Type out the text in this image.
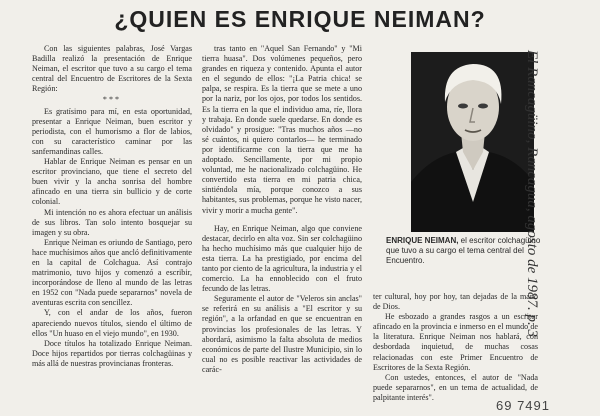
¿QUIEN ES ENRIQUE NEIMAN?

Con las siguientes palabras, José Vargas Badilla realizó la presentación de Enrique Neiman, el escritor que tuvo a su cargo el tema central del Encuentro de Escritores de la Sexta Región:

***

Es gratísimo para mí, en esta oportunidad, presentar a Enrique Neiman, buen escritor y periodista, con el humorismo a flor de labios, con su característico caminar por las sanfernandinas calles.

Hablar de Enrique Neiman es pensar en un escritor provinciano, que tiene el secreto del buen vivir y la ancha sonrisa del hombre afincado en una tierra sin bullicio y de corte colonial.

Mi intención no es ahora efectuar un análisis de sus libros. Tan solo intento bosquejar su imagen y su obra.

Enrique Neiman es oriundo de Santiago, pero hace muchísimos años que ancló definitivamente en la capital de Colchagua. Así contrajo matrimonio, tuvo hijos y comenzó a escribir, incorporándose de lleno al mundo de las letras en 1952 con "Nada puede separarnos" novela de aventuras escrita con sencillez.

Y, con el andar de los años, fueron apareciendo nuevos títulos, siendo el último de ellos "Un huaso en el viejo mundo", en 1930.

Doce títulos ha totalizado Enrique Neiman. Doce hijos repartidos por tierras colchagüinas y más allá de nuestras provincianas fronteras.

tras tanto en "Aquel San Fernando" y "Mi tierra huasa". Dos volúmenes pequeños, pero grandes en riqueza y contenido. Apunta el autor en el segundo de ellos: "¡La Patria chica! se palpa, se respira. Es la tierra que se mete a uno por la nariz, por los ojos, por todos los sentidos. Es la tierra en la que el individuo ama, ríe, llora y trabaja. En donde suele quedarse. En donde es olvidado" y prosigue: "Tras muchos años —no sé cuántos, ni quiero contarlos— he terminado por identificarme con la tierra que me ha adoptado. Sencillamente, por mi propio voluntad, me he nacionalizado colchagüino. He convertido esta tierra en mi patria chica, sintiéndola mía, porque conozco a sus habitantes, sus problemas, porque he visto nacer, vivir y morir a mucha gente".

Hay, en Enrique Neiman, algo que conviene destacar, decirlo en alta voz. Sin ser colchagüino ha hecho muchísimo más que cualquier hijo de esta tierra. La ha prestigiado, por encima del tanto por ciento de la agricultura, la industria y el comercio. La ha ennoblecido con el fruto fecundo de las letras.

Seguramente el autor de "Veleros sin anclas" se referirá en su análisis a "El escritor y su región", a la orfandad en que se encuentran en provincias los profesionales de las letras. Y abordará, asimismo la falta absoluta de medios económicos de parte del Ilustre Municipio, sin lo cual no es posible reactivar las actividades de carác-

ENRIQUE NEIMAN, el escritor colchagüino que tuvo a su cargo el tema central del Encuentro.

ter cultural, hoy por hoy, tan dejadas de la mano de Dios.

He esbozado a grandes rasgos a un escritor afincado en la provincia e inmerso en el mundo de la literatura. Enrique Neiman nos hablará, con desbordada inquietud, de muchas cosas relacionadas con este Primer Encuentro de Escritores de la Sexta Región.

Con ustedes, entonces, el autor de "Nada puede separarnos", en un tema de actualidad, de palpitante interés".

El Rancagüino, Rancagua, agosto de 1987. p. 3
69 7491
